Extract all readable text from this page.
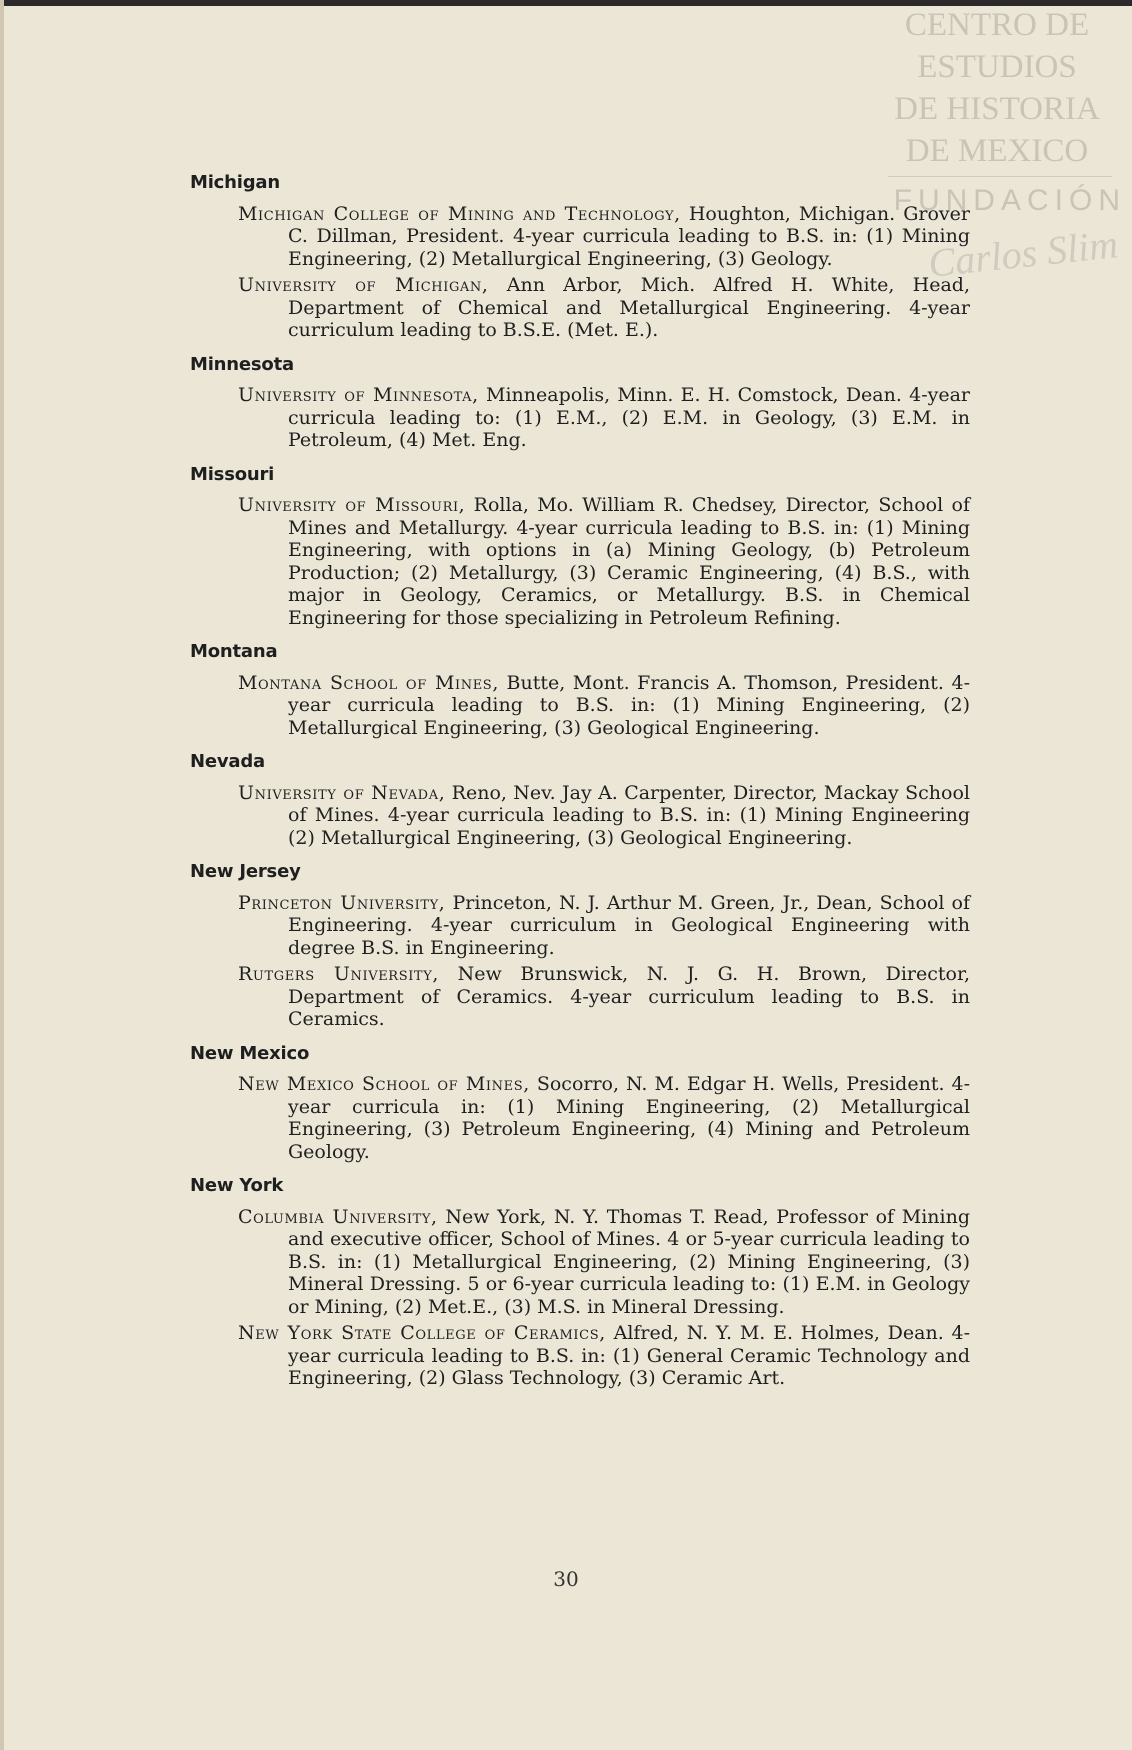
CENTRO DE
ESTUDIOS
DE HISTORIA
DE MEXICO
FUNDACIÓN
Carlos Slim
Michigan

Michigan College of Mining and Technology, Houghton, Michigan. Grover C. Dillman, President. 4-year curricula leading to B.S. in: (1) Mining Engineering, (2) Metallurgical Engineering, (3) Geology.

University of Michigan, Ann Arbor, Mich. Alfred H. White, Head, Department of Chemical and Metallurgical Engineering. 4-year curriculum leading to B.S.E. (Met. E.).

Minnesota

University of Minnesota, Minneapolis, Minn. E. H. Comstock, Dean. 4-year curricula leading to: (1) E.M., (2) E.M. in Geology, (3) E.M. in Petroleum, (4) Met. Eng.

Missouri

University of Missouri, Rolla, Mo. William R. Chedsey, Director, School of Mines and Metallurgy. 4-year curricula leading to B.S. in: (1) Mining Engineering, with options in (a) Mining Geology, (b) Petroleum Production; (2) Metallurgy, (3) Ceramic Engineering, (4) B.S., with major in Geology, Ceramics, or Metallurgy. B.S. in Chemical Engineering for those specializing in Petroleum Refining.

Montana

Montana School of Mines, Butte, Mont. Francis A. Thomson, President. 4-year curricula leading to B.S. in: (1) Mining Engineering, (2) Metallurgical Engineering, (3) Geological Engineering.

Nevada

University of Nevada, Reno, Nev. Jay A. Carpenter, Director, Mackay School of Mines. 4-year curricula leading to B.S. in: (1) Mining Engineering (2) Metallurgical Engineering, (3) Geological Engineering.

New Jersey

Princeton University, Princeton, N. J. Arthur M. Green, Jr., Dean, School of Engineering. 4-year curriculum in Geological Engineering with degree B.S. in Engineering.

Rutgers University, New Brunswick, N. J. G. H. Brown, Director, Department of Ceramics. 4-year curriculum leading to B.S. in Ceramics.

New Mexico

New Mexico School of Mines, Socorro, N. M. Edgar H. Wells, President. 4-year curricula in: (1) Mining Engineering, (2) Metallurgical Engineering, (3) Petroleum Engineering, (4) Mining and Petroleum Geology.

New York

Columbia University, New York, N. Y. Thomas T. Read, Professor of Mining and executive officer, School of Mines. 4 or 5-year curricula leading to B.S. in: (1) Metallurgical Engineering, (2) Mining Engineering, (3) Mineral Dressing. 5 or 6-year curricula leading to: (1) E.M. in Geology or Mining, (2) Met.E., (3) M.S. in Mineral Dressing.

New York State College of Ceramics, Alfred, N. Y. M. E. Holmes, Dean. 4-year curricula leading to B.S. in: (1) General Ceramic Technology and Engineering, (2) Glass Technology, (3) Ceramic Art.

30
